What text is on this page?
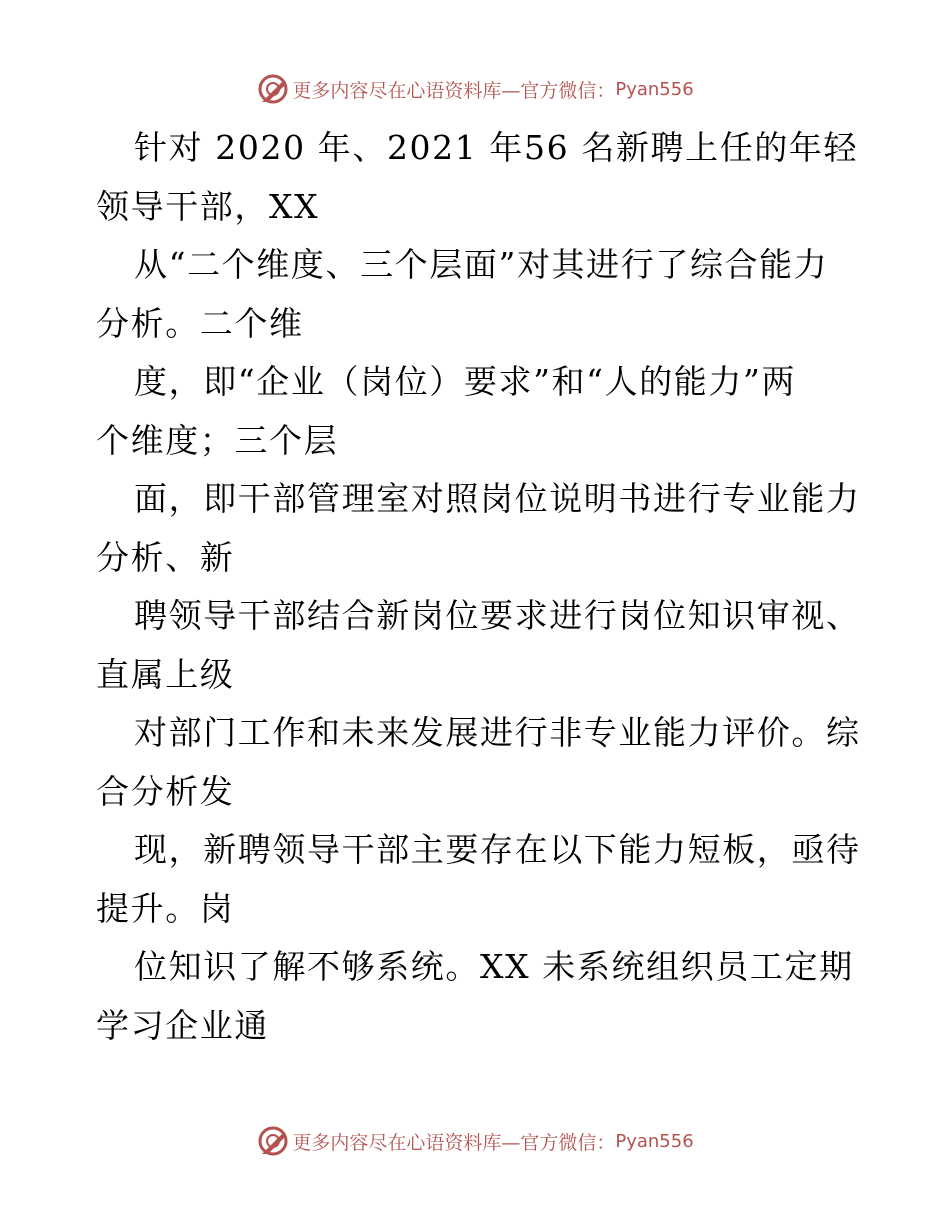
更多内容尽在心语资料库—官方微信： Pyan556

针对 2020 年、2021 年56 名新聘上任的年轻

领导干部，XX

从“二个维度、三个层面”对其进行了综合能力

分析。二个维

度，即“企业（岗位）要求”和“人的能力”两

个维度；三个层

面，即干部管理室对照岗位说明书进行专业能力

分析、新

聘领导干部结合新岗位要求进行岗位知识审视、

直属上级

对部门工作和未来发展进行非专业能力评价。综

合分析发

现，新聘领导干部主要存在以下能力短板，亟待

提升。岗

位知识了解不够系统。XX 未系统组织员工定期

学习企业通

更多内容尽在心语资料库—官方微信： Pyan556
